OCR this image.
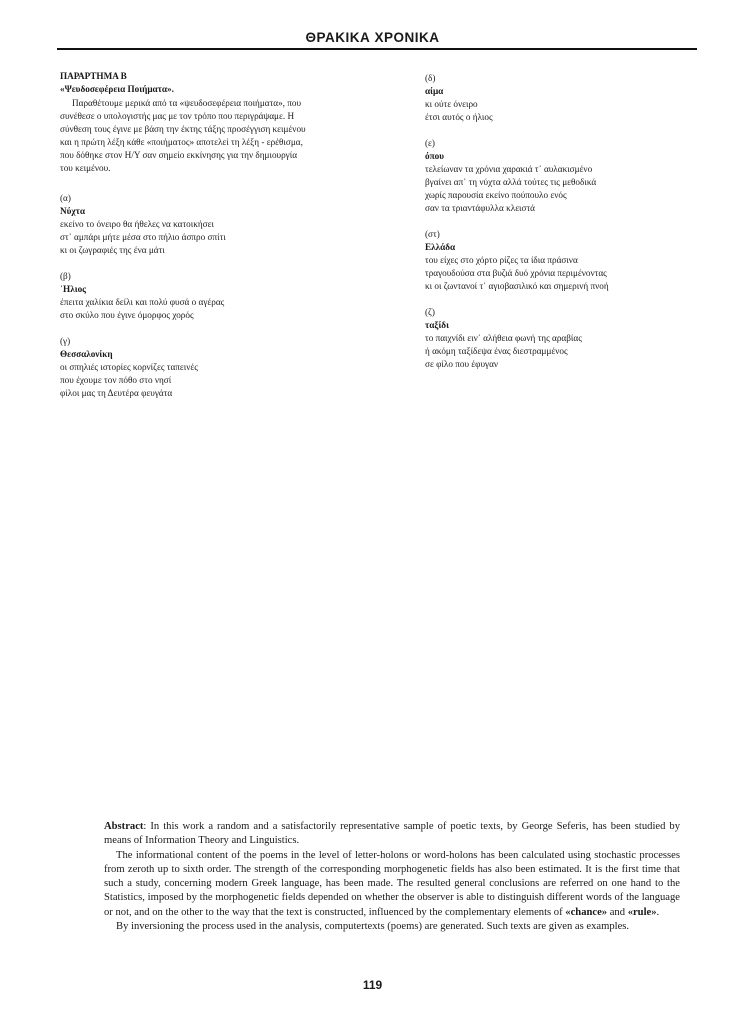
ΘΡΑΚΙΚΑ ΧΡΟΝΙΚΑ
ΠΑΡΑΡΤΗΜΑ Β
«Ψευδοσεφέρεια Ποιήματα».
Παραθέτουμε μερικά από τα «ψευδοσεφέρεια ποιήματα», που
συνέθεσε ο υπολογιστής μας με τον τρόπο που περιγράψαμε. Η
σύνθεση τους έγινε με βάση την έκτης τάξης προσέγγιση κειμένου
και η πρώτη λέξη κάθε «ποιήματος» αποτελεί τη λέξη - ερέθισμα,
που δόθηκε στον Η/Υ σαν σημείο εκκίνησης για την δημιουργία
του κειμένου.
(α)
Νύχτα
εκείνο το όνειρο θα ήθελες να κατοικήσει
στ᾽ αμπάρι μήτε μέσα στο πήλιο άσπρο σπίτι
κι οι ζωγραφιές της ένα μάτι
(β)
῾Ηλιος
έπειτα χαλίκια δείλι και πολύ φυσά ο αγέρας
στο σκύλο που έγινε όμορφος χορός
(γ)
Θεσσαλονίκη
οι σπηλιές ιστορίες κορνίζες ταπεινές
που έχουμε τον πόθο στο νησί
φίλοι μας τη Δευτέρα φευγάτα
(δ)
αίμα
κι ούτε όνειρο
έτσι αυτός ο ήλιος
(ε)
όπου
τελείωναν τα χρόνια χαρακιά τ᾽ αυλακισμένο
βγαίνει απ᾽ τη νύχτα αλλά τούτες τις μεθοδικά
χωρίς παρουσία εκείνο πούπουλο ενός
σαν τα τριαντάφυλλα κλειστά
(στ)
Ελλάδα
του είχες στο χόρτο ρίζες τα ίδια πράσινα
τραγουδούσα στα βυζιά δυό χρόνια περιμένοντας
κι οι ζωντανοί τ᾽ αγιοβασιλικό και σημερινή πνοή
(ζ)
ταξίδι
το παιχνίδι ειν᾽ αλήθεια φωνή της αραβίας
ή ακόμη ταξίδεψα ένας διεστραμμένος
σε φίλο που έφυγαν

Abstract: In this work a random and a satisfactorily representative sample of poetic texts, by George Seferis, has been studied by means of Information Theory and Linguistics.

The informational content of the poems in the level of letter-holons or word-holons has been calculated using stochastic processes from zeroth up to sixth order. The strength of the corresponding morphogenetic fields has also been estimated. It is the first time that such a study, concerning modern Greek language, has been made. The resulted general conclusions are referred on one hand to the Statistics, imposed by the morphogenetic fields depended on whether the observer is able to distinguish different words of the language or not, and on the other to the way that the text is constructed, influenced by the complementary elements of «chance» and «rule».

By inversioning the process used in the analysis, computertexts (poems) are generated. Such texts are given as examples.

119
